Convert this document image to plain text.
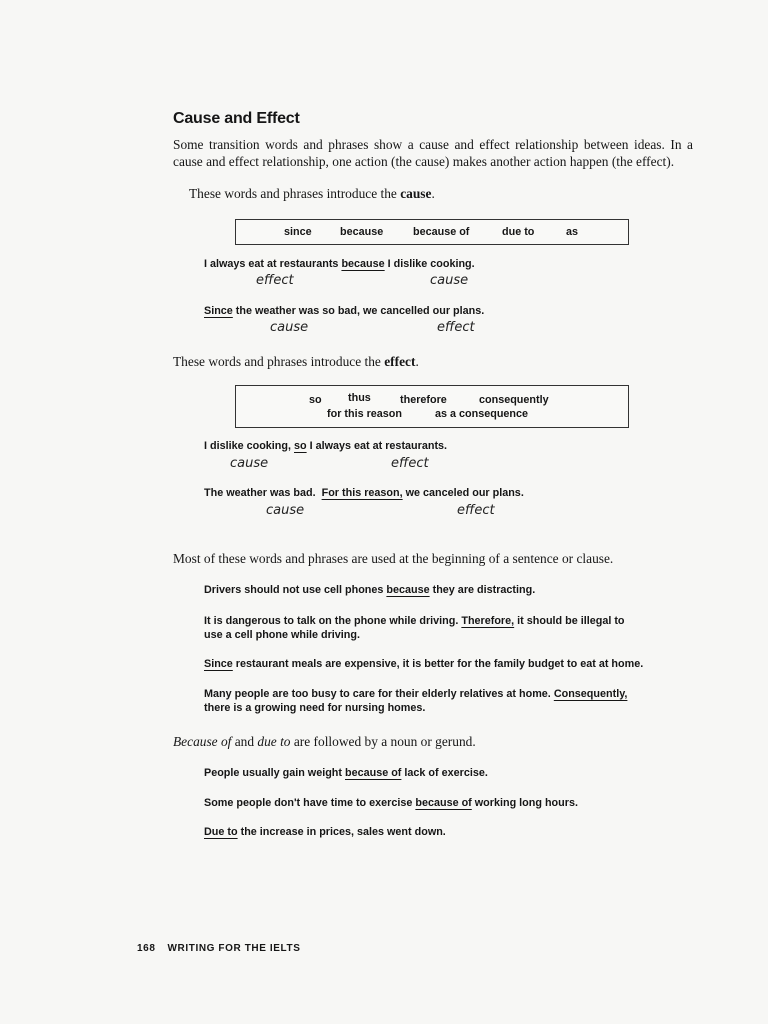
Cause and Effect

Some transition words and phrases show a cause and effect relationship between ideas. In a cause and effect relationship, one action (the cause) makes another action happen (the effect).

These words and phrases introduce the cause.

since	because	because of	due to	as
I always eat at restaurants because I dislike cooking.
effect	cause
Since the weather was so bad, we cancelled our plans.
cause	effect

These words and phrases introduce the effect.

so thus	therefore	consequently
for this reason	as a consequence
I dislike cooking, so I always eat at restaurants.
cause	effect
The weather was bad.  For this reason, we canceled our plans.
cause	effect

Most of these words and phrases are used at the beginning of a sentence or clause.

Drivers should not use cell phones because they are distracting.
It is dangerous to talk on the phone while driving. Therefore, it should be illegal to
use a cell phone while driving.
Since restaurant meals are expensive, it is better for the family budget to eat at home.
Many people are too busy to care for their elderly relatives at home. Consequently,
there is a growing need for nursing homes.

Because of and due to are followed by a noun or gerund.

People usually gain weight because of lack of exercise.
Some people don't have time to exercise because of working long hours.
Due to the increase in prices, sales went down.
168 WRITING FOR THE IELTS
